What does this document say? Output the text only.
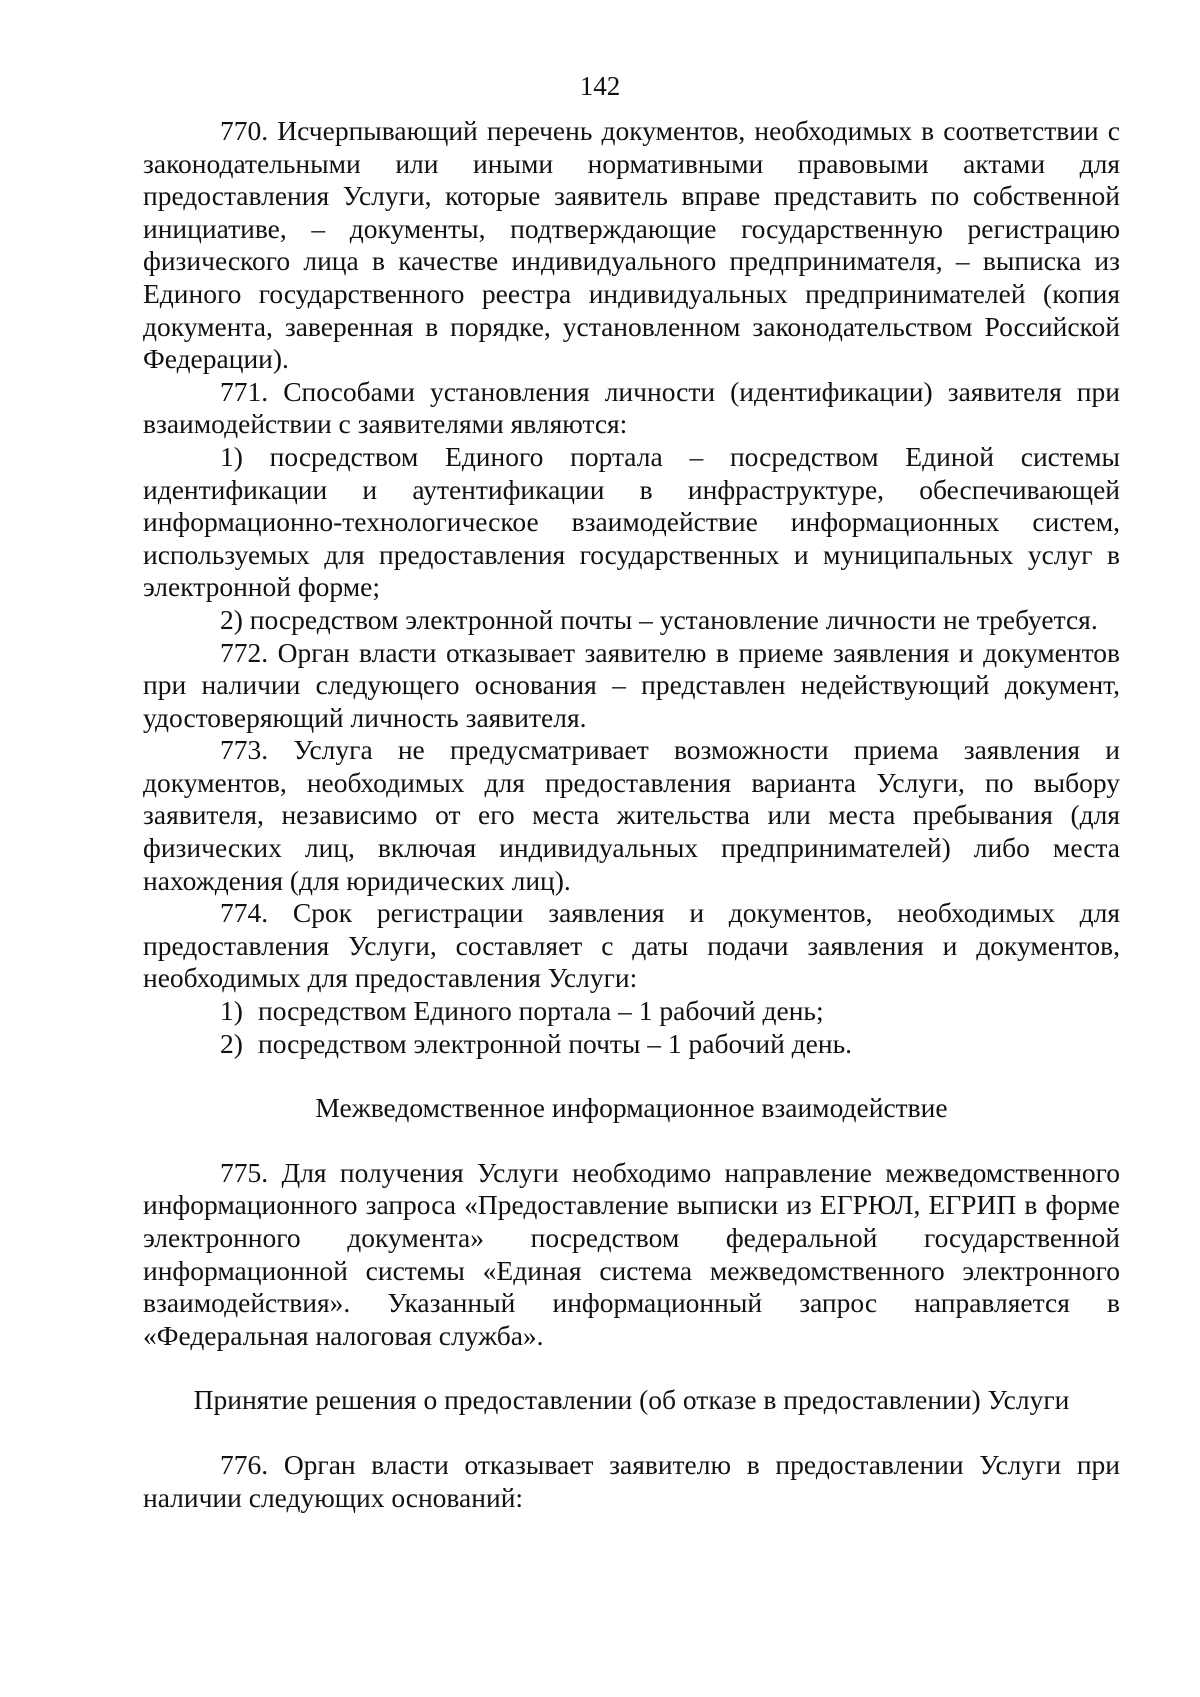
142

770. Исчерпывающий перечень документов, необходимых в соответствии с законодательными или иными нормативными правовыми актами для предоставления Услуги, которые заявитель вправе представить по собственной инициативе, – документы, подтверждающие государственную регистрацию физического лица в качестве индивидуального предпринимателя, – выписка из Единого государственного реестра индивидуальных предпринимателей (копия документа, заверенная в порядке, установленном законодательством Российской Федерации).

771. Способами установления личности (идентификации) заявителя при взаимодействии с заявителями являются:

1) посредством Единого портала – посредством Единой системы идентификации и аутентификации в инфраструктуре, обеспечивающей информационно-технологическое взаимодействие информационных систем, используемых для предоставления государственных и муниципальных услуг в электронной форме;

2) посредством электронной почты – установление личности не требуется.

772. Орган власти отказывает заявителю в приеме заявления и документов при наличии следующего основания – представлен недействующий документ, удостоверяющий личность заявителя.

773. Услуга не предусматривает возможности приема заявления и документов, необходимых для предоставления варианта Услуги, по выбору заявителя, независимо от его места жительства или места пребывания (для физических лиц, включая индивидуальных предпринимателей) либо места нахождения (для юридических лиц).

774. Срок регистрации заявления и документов, необходимых для предоставления Услуги, составляет с даты подачи заявления и документов, необходимых для предоставления Услуги:

1) посредством Единого портала – 1 рабочий день;
2) посредством электронной почты – 1 рабочий день.

Межведомственное информационное взаимодействие

775. Для получения Услуги необходимо направление межведомственного информационного запроса «Предоставление выписки из ЕГРЮЛ, ЕГРИП в форме электронного документа» посредством федеральной государственной информационной системы «Единая система межведомственного электронного взаимодействия». Указанный информационный запрос направляется в «Федеральная налоговая служба».

Принятие решения о предоставлении (об отказе в предоставлении) Услуги

776. Орган власти отказывает заявителю в предоставлении Услуги при наличии следующих оснований:
